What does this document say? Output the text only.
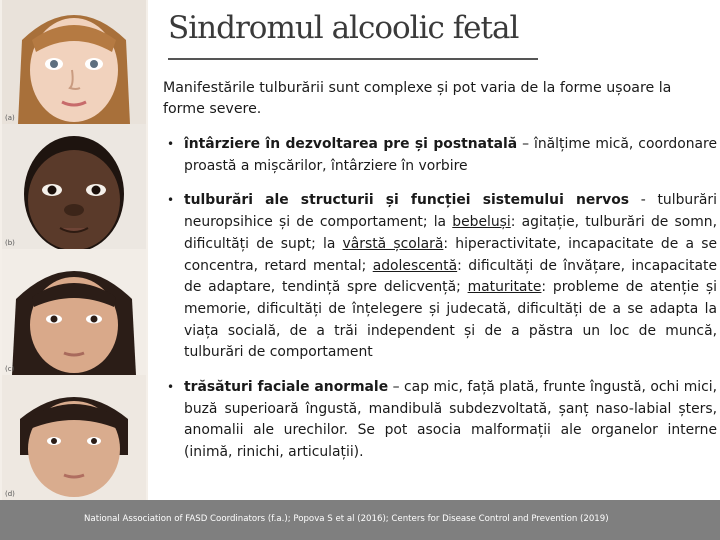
(a)
(b)
(c)
(d)
Sindromul alcoolic fetal
Manifestările tulburării sunt complexe și pot varia de la forme ușoare la forme severe.
• întârziere în dezvoltarea pre și postnatală – înălțime mică, coordonare proastă a mișcărilor, întârziere în vorbire
• tulburări ale structurii și funcției sistemului nervos - tulburări neuropsihice și de comportament; la bebeluși: agitație, tulburări de somn, dificultăți de supt; la vârstă școlară: hiperactivitate, incapacitate de a se concentra, retard mental; adolescentă: dificultăți de învățare, incapacitate de adaptare, tendință spre delicvență; maturitate: probleme de atenție și memorie, dificultăți de înțelegere și judecată, dificultăți de a se adapta la viața socială, de a trăi independent și de a păstra un loc de muncă, tulburări de comportament
• trăsături faciale anormale – cap mic, față plată, frunte îngustă, ochi mici, buză superioară îngustă, mandibulă subdezvoltată, șanț naso-labial șters, anomalii ale urechilor. Se pot asocia malformații ale organelor interne (inimă, rinichi, articulații).
National Association of FASD Coordinators (f.a.); Popova S et al (2016); Centers for Disease Control and Prevention (2019)
